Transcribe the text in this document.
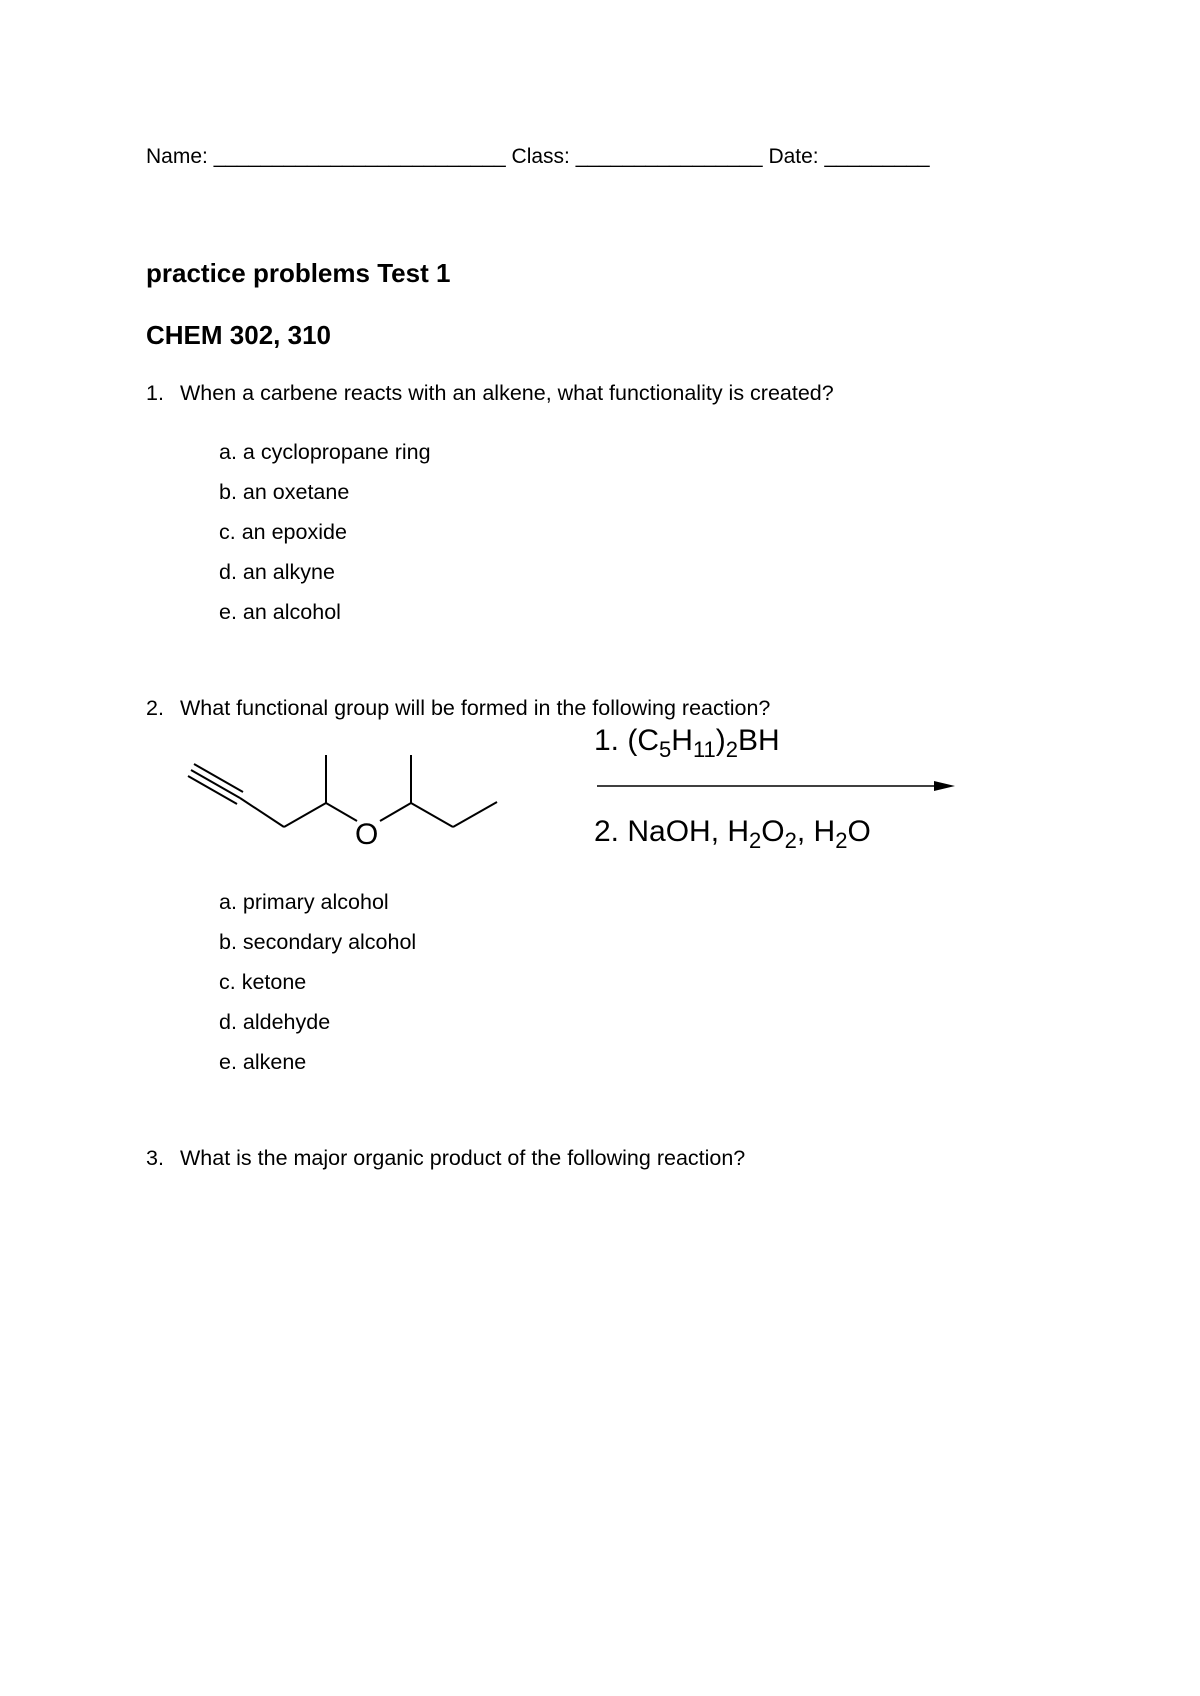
Name: _________________________ Class: ________________ Date: _________
practice problems Test 1
CHEM 302, 310
1. When a carbene reacts with an alkene, what functionality is created?
a. a cyclopropane ring
b. an oxetane
c. an epoxide
d. an alkyne
e. an alcohol
2. What functional group will be formed in the following reaction?
O
1. $(C_5H_{11})_2BH$
2. NaOH, $H_2O_2$, $H_2O$
a. primary alcohol
b. secondary alcohol
c. ketone
d. aldehyde
e. alkene
3. What is the major organic product of the following reaction?
